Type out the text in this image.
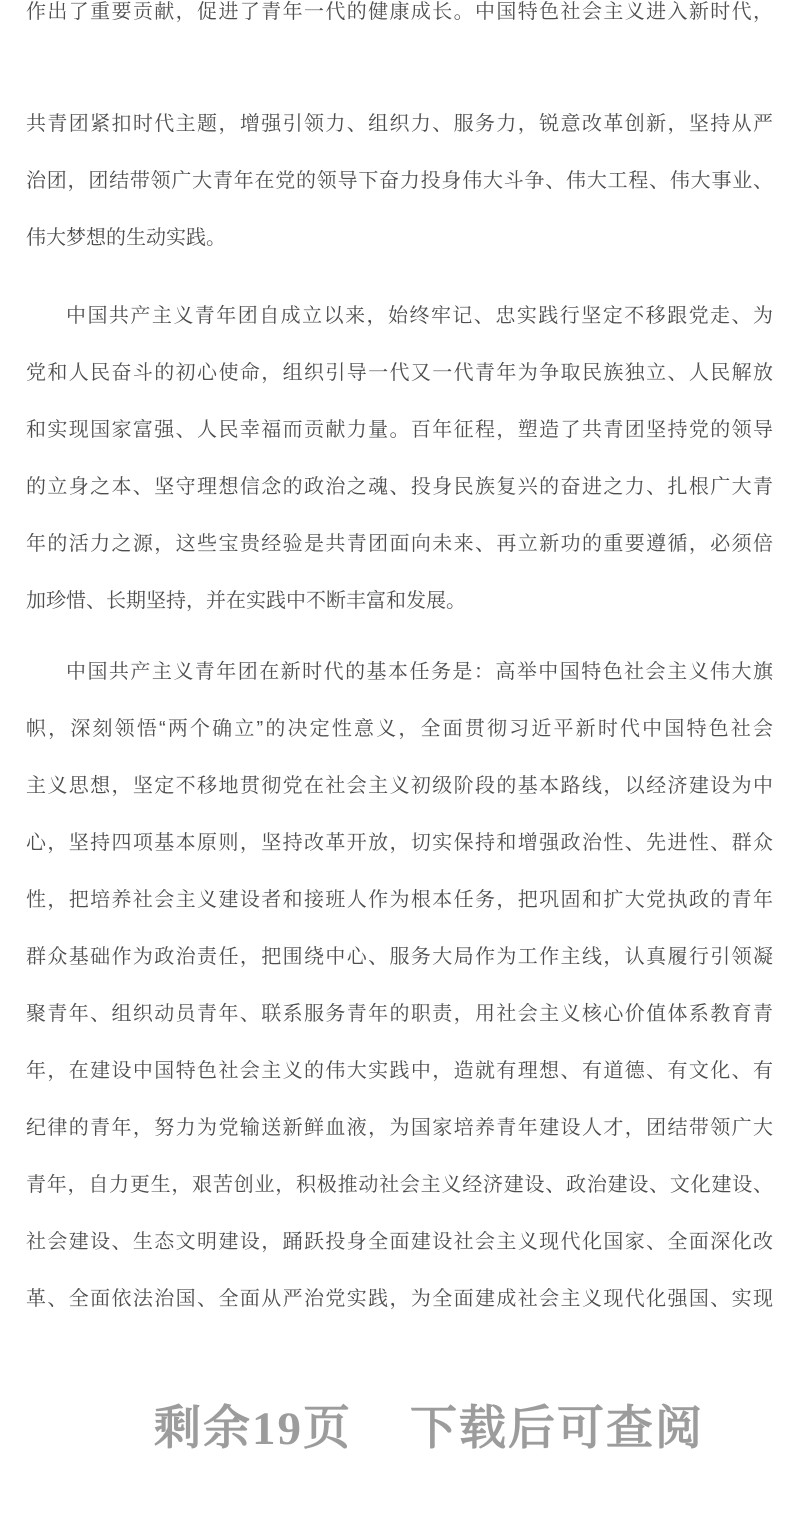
作出了重要贡献，促进了青年一代的健康成长。中国特色社会主义进入新时代，
共青团紧扣时代主题，增强引领力、组织力、服务力，锐意改革创新，坚持从严
治团，团结带领广大青年在党的领导下奋力投身伟大斗争、伟大工程、伟大事业、
伟大梦想的生动实践。
中国共产主义青年团自成立以来，始终牢记、忠实践行坚定不移跟党走、为
党和人民奋斗的初心使命，组织引导一代又一代青年为争取民族独立、人民解放
和实现国家富强、人民幸福而贡献力量。百年征程，塑造了共青团坚持党的领导
的立身之本、坚守理想信念的政治之魂、投身民族复兴的奋进之力、扎根广大青
年的活力之源，这些宝贵经验是共青团面向未来、再立新功的重要遵循，必须倍
加珍惜、长期坚持，并在实践中不断丰富和发展。
中国共产主义青年团在新时代的基本任务是：高举中国特色社会主义伟大旗
帜，深刻领悟“两个确立”的决定性意义，全面贯彻习近平新时代中国特色社会
主义思想，坚定不移地贯彻党在社会主义初级阶段的基本路线，以经济建设为中
心，坚持四项基本原则，坚持改革开放，切实保持和增强政治性、先进性、群众
性，把培养社会主义建设者和接班人作为根本任务，把巩固和扩大党执政的青年
群众基础作为政治责任，把围绕中心、服务大局作为工作主线，认真履行引领凝
聚青年、组织动员青年、联系服务青年的职责，用社会主义核心价值体系教育青
年，在建设中国特色社会主义的伟大实践中，造就有理想、有道德、有文化、有
纪律的青年，努力为党输送新鲜血液，为国家培养青年建设人才，团结带领广大
青年，自力更生，艰苦创业，积极推动社会主义经济建设、政治建设、文化建设、
社会建设、生态文明建设，踊跃投身全面建设社会主义现代化国家、全面深化改
革、全面依法治国、全面从严治党实践，为全面建成社会主义现代化强国、实现
剩余19页 下载后可查阅
